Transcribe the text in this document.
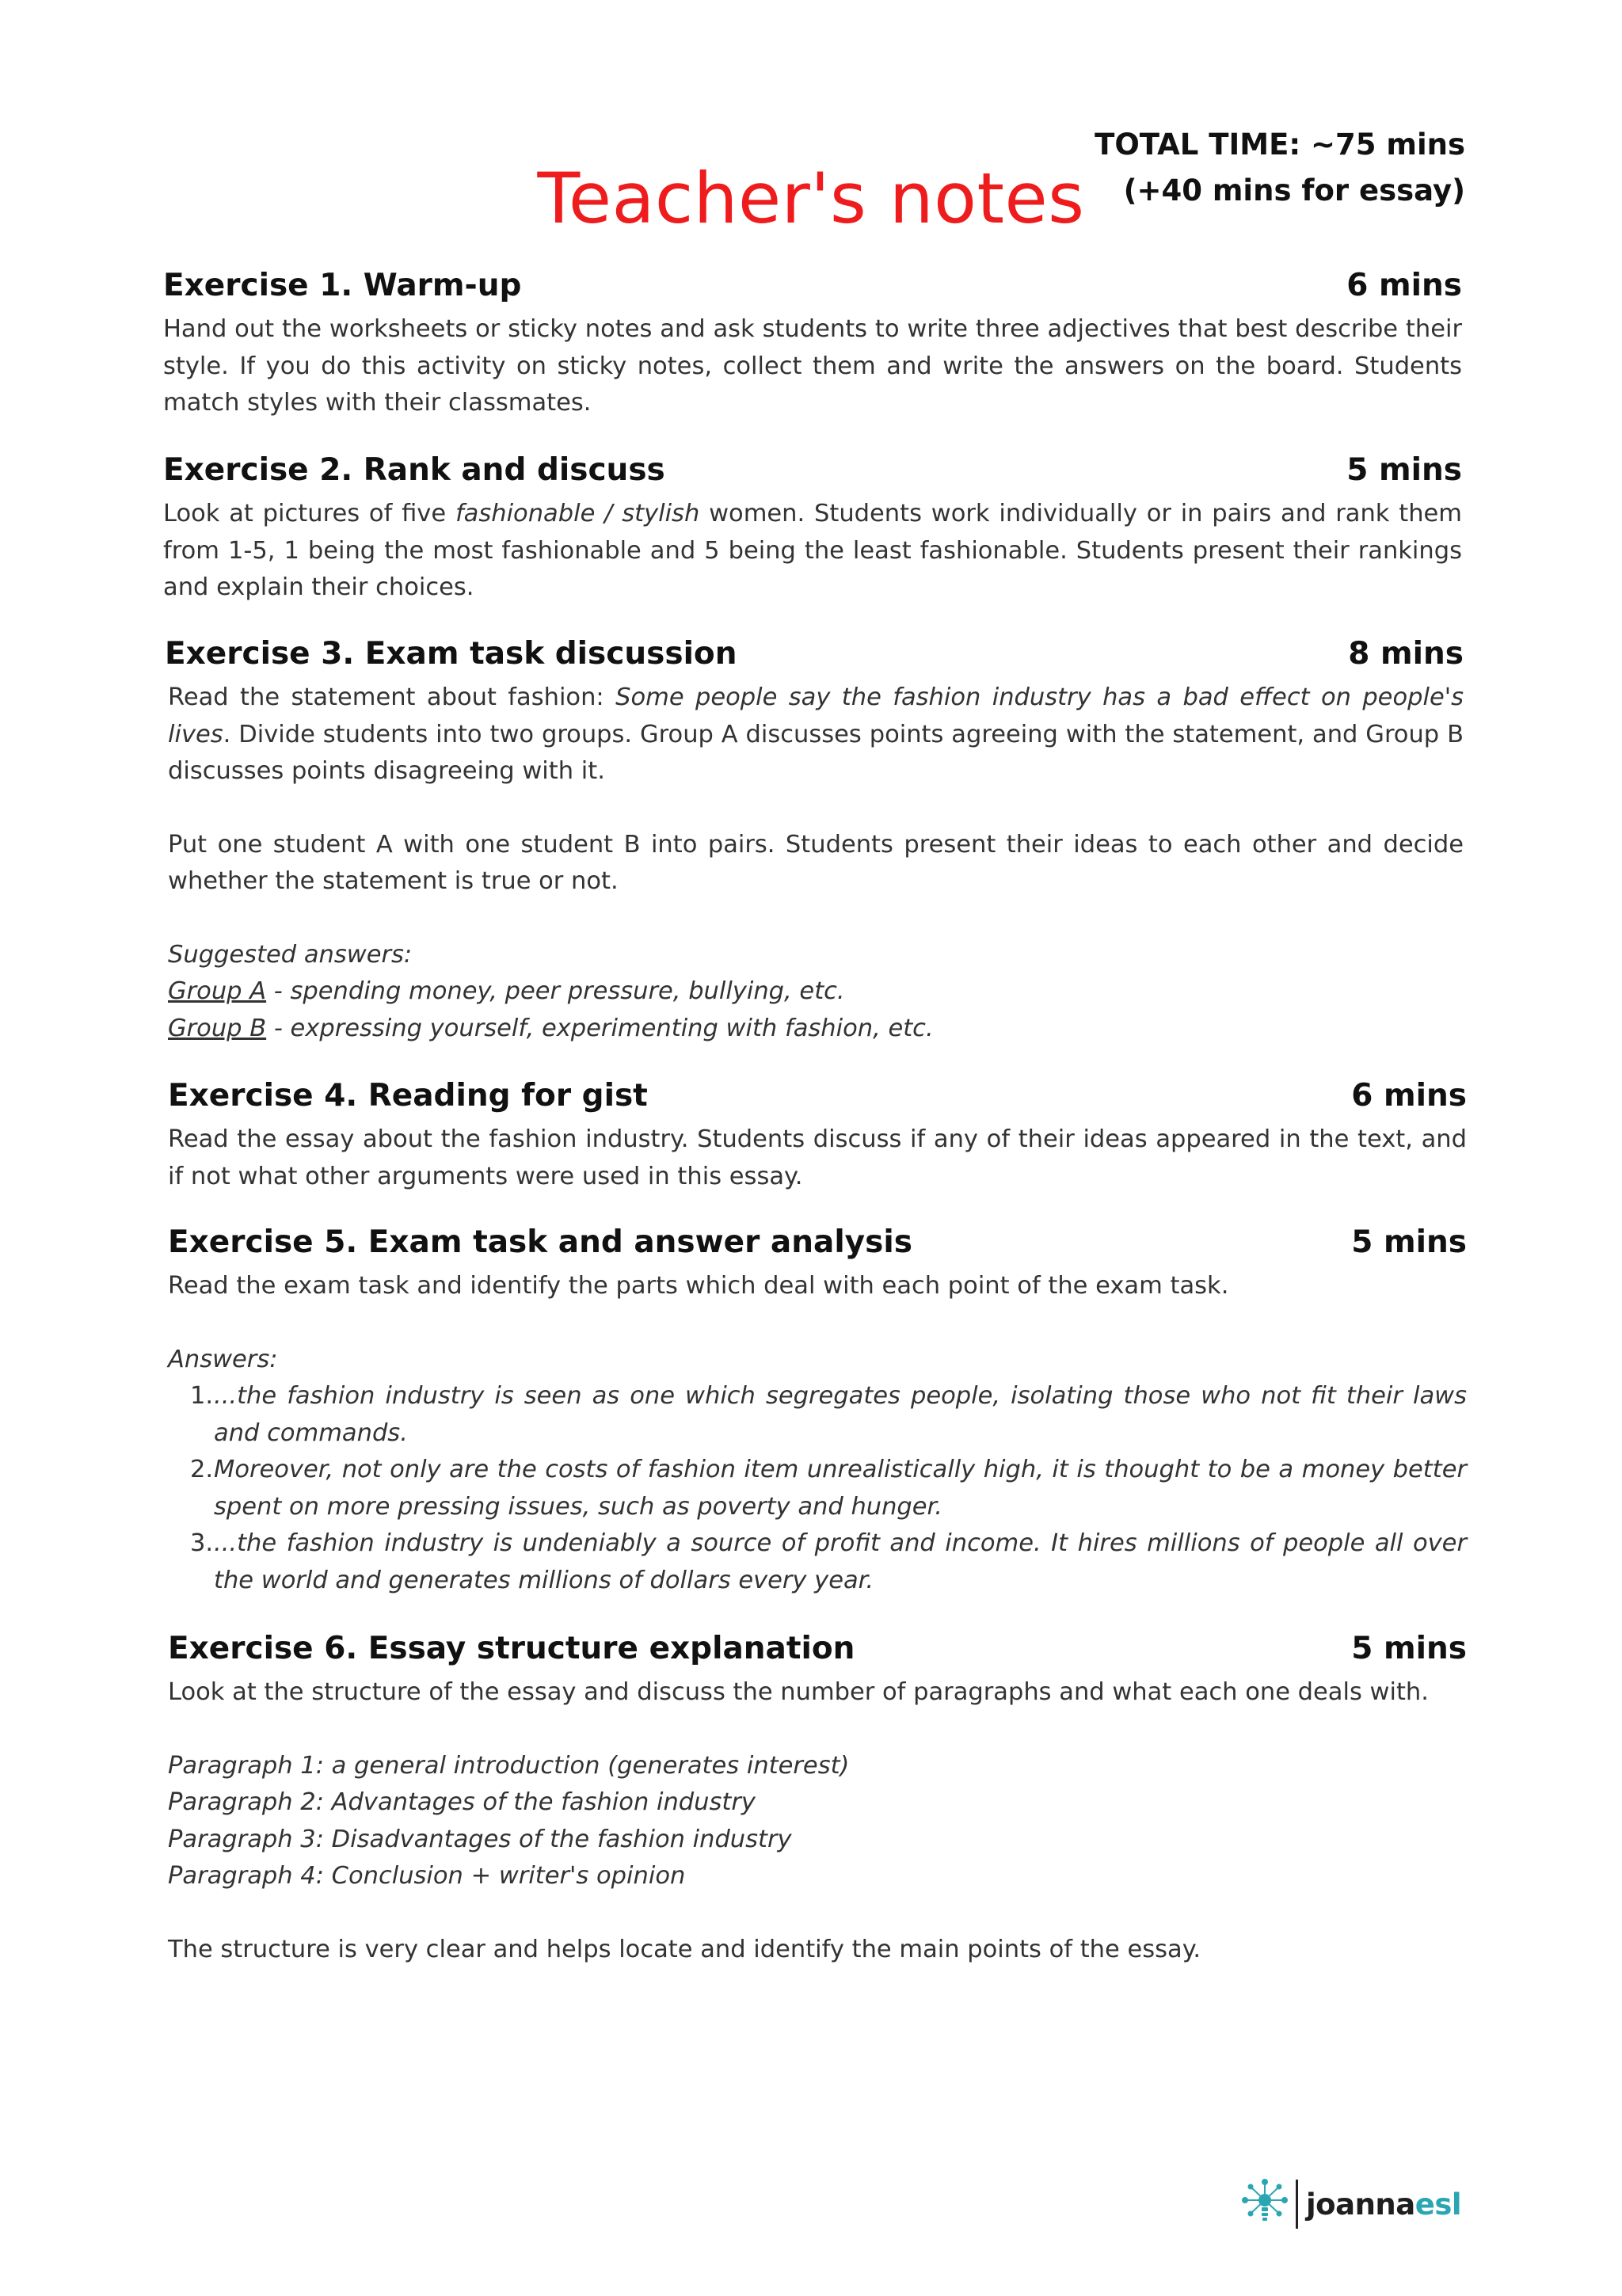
TOTAL TIME: ~75 mins
(+40 mins for essay)
Teacher's notes
Exercise 1. Warm-up	6 mins

Hand out the worksheets or sticky notes and ask students to write three adjectives that best describe their style. If you do this activity on sticky notes, collect them and write the answers on the board. Students match styles with their classmates.

Exercise 2. Rank and discuss	5 mins

Look at pictures of five fashionable / stylish women. Students work individually or in pairs and rank them from 1-5, 1 being the most fashionable and 5 being the least fashionable. Students present their rankings and explain their choices.

Exercise 3. Exam task discussion	8 mins

Read the statement about fashion: Some people say the fashion industry has a bad effect on people's lives. Divide students into two groups. Group A discusses points agreeing with the statement, and Group B discusses points disagreeing with it.

Put one student A with one student B into pairs. Students present their ideas to each other and decide whether the statement is true or not.

Suggested answers:
Group A - spending money, peer pressure, bullying, etc.
Group B - expressing yourself, experimenting with fashion, etc.

Exercise 4. Reading for gist	6 mins

Read the essay about the fashion industry. Students discuss if any of their ideas appeared in the text, and if not what other arguments were used in this essay.

Exercise 5. Exam task and answer analysis	5 mins

Read the exam task and identify the parts which deal with each point of the exam task.

Answers:

1. ...the fashion industry is seen as one which segregates people, isolating those who not fit their laws and commands.
2. Moreover, not only are the costs of fashion item unrealistically high, it is thought to be a money better spent on more pressing issues, such as poverty and hunger.
3. ...the fashion industry is undeniably a source of profit and income. It hires millions of people all over the world and generates millions of dollars every year.
Exercise 6. Essay structure explanation	5 mins

Look at the structure of the essay and discuss the number of paragraphs and what each one deals with.

Paragraph 1: a general introduction (generates interest)
Paragraph 2: Advantages of the fashion industry
Paragraph 3: Disadvantages of the fashion industry
Paragraph 4: Conclusion + writer's opinion

The structure is very clear and helps locate and identify the main points of the essay.

joannaesl
